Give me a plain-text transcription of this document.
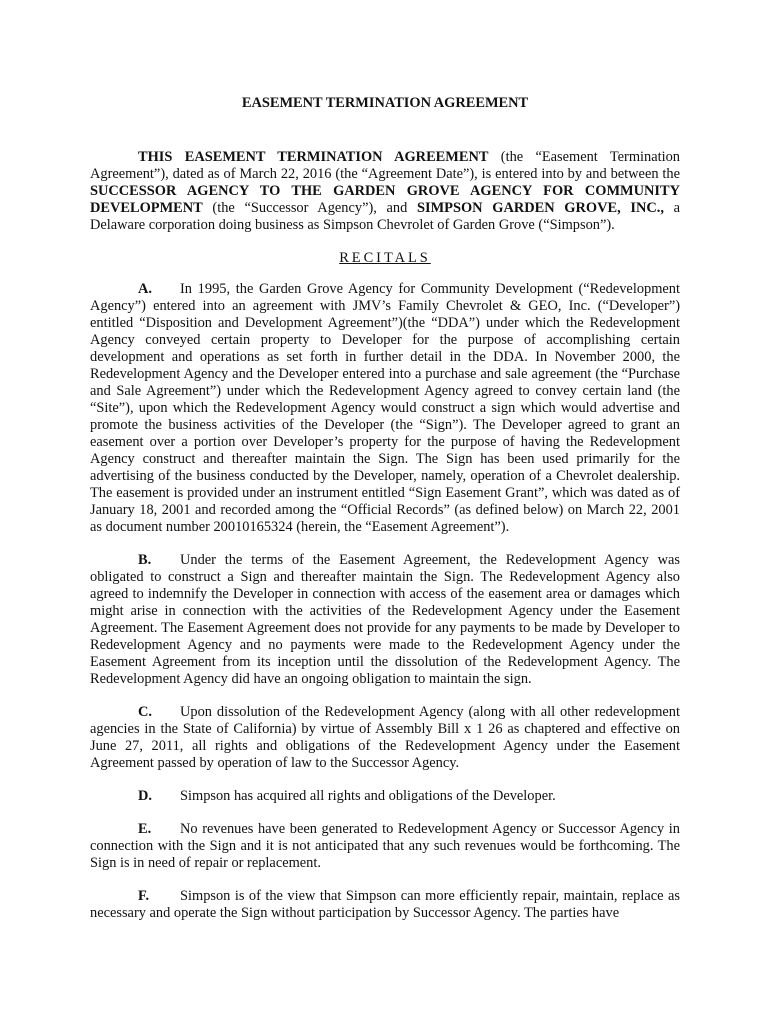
EASEMENT TERMINATION AGREEMENT

THIS EASEMENT TERMINATION AGREEMENT (the “Easement Termination Agreement”), dated as of March 22, 2016 (the “Agreement Date”), is entered into by and between the SUCCESSOR AGENCY TO THE GARDEN GROVE AGENCY FOR COMMUNITY DEVELOPMENT (the “Successor Agency”), and SIMPSON GARDEN GROVE, INC., a Delaware corporation doing business as Simpson Chevrolet of Garden Grove (“Simpson”).

RECITALS

A. In 1995, the Garden Grove Agency for Community Development (“Redevelopment Agency”) entered into an agreement with JMV’s Family Chevrolet & GEO, Inc. (“Developer”) entitled “Disposition and Development Agreement”)(the “DDA”) under which the Redevelopment Agency conveyed certain property to Developer for the purpose of accomplishing certain development and operations as set forth in further detail in the DDA. In November 2000, the Redevelopment Agency and the Developer entered into a purchase and sale agreement (the “Purchase and Sale Agreement”) under which the Redevelopment Agency agreed to convey certain land (the “Site”), upon which the Redevelopment Agency would construct a sign which would advertise and promote the business activities of the Developer (the “Sign”). The Developer agreed to grant an easement over a portion over Developer’s property for the purpose of having the Redevelopment Agency construct and thereafter maintain the Sign. The Sign has been used primarily for the advertising of the business conducted by the Developer, namely, operation of a Chevrolet dealership. The easement is provided under an instrument entitled “Sign Easement Grant”, which was dated as of January 18, 2001 and recorded among the “Official Records” (as defined below) on March 22, 2001 as document number 20010165324 (herein, the “Easement Agreement”).

B. Under the terms of the Easement Agreement, the Redevelopment Agency was obligated to construct a Sign and thereafter maintain the Sign. The Redevelopment Agency also agreed to indemnify the Developer in connection with access of the easement area or damages which might arise in connection with the activities of the Redevelopment Agency under the Easement Agreement. The Easement Agreement does not provide for any payments to be made by Developer to Redevelopment Agency and no payments were made to the Redevelopment Agency under the Easement Agreement from its inception until the dissolution of the Redevelopment Agency. The Redevelopment Agency did have an ongoing obligation to maintain the sign.

C. Upon dissolution of the Redevelopment Agency (along with all other redevelopment agencies in the State of California) by virtue of Assembly Bill x 1 26 as chaptered and effective on June 27, 2011, all rights and obligations of the Redevelopment Agency under the Easement Agreement passed by operation of law to the Successor Agency.

D. Simpson has acquired all rights and obligations of the Developer.

E. No revenues have been generated to Redevelopment Agency or Successor Agency in connection with the Sign and it is not anticipated that any such revenues would be forthcoming. The Sign is in need of repair or replacement.

F. Simpson is of the view that Simpson can more efficiently repair, maintain, replace as necessary and operate the Sign without participation by Successor Agency. The parties have
